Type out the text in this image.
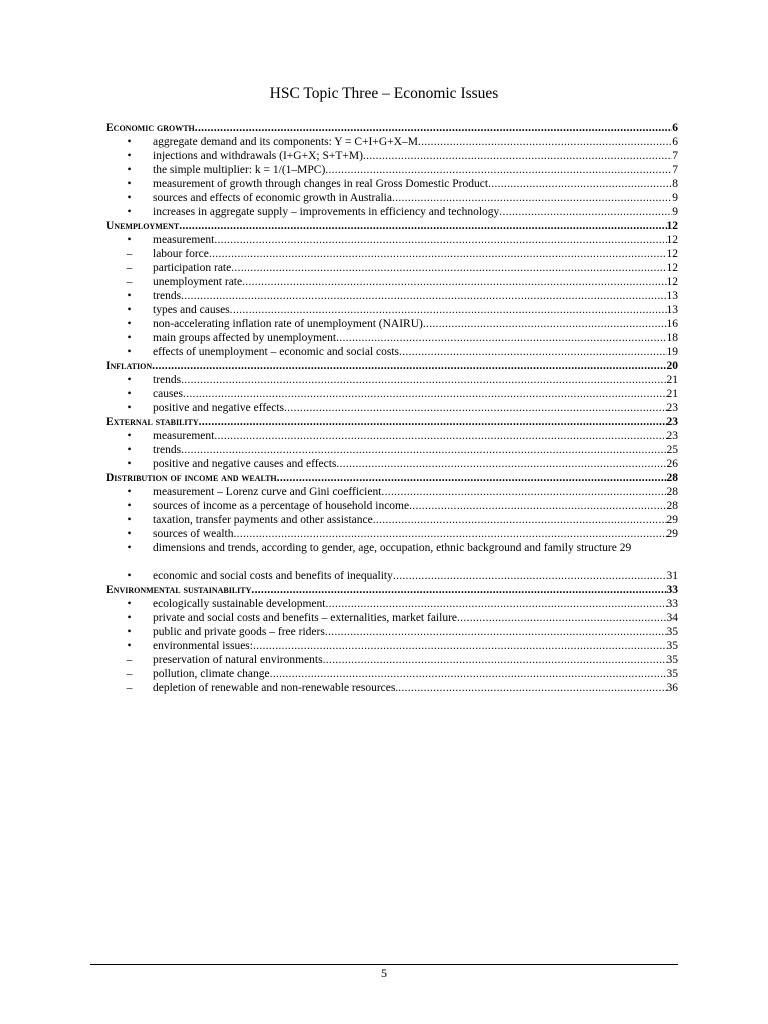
HSC Topic Three – Economic Issues
Economic growth .....	6
•	aggregate demand and its components: Y = C+I+G+X–M .....	6
•	injections and withdrawals (I+G+X; S+T+M) .....	7
•	the simple multiplier: k = 1/(1–MPC) .....	7
•	measurement of growth through changes in real Gross Domestic Product .....	8
•	sources and effects of economic growth in Australia .....	9
•	increases in aggregate supply – improvements in efficiency and technology .....	9
Unemployment .....	12
•	measurement .....	12
–	labour force .....	12
–	participation rate .....	12
–	unemployment rate .....	12
•	trends .....	13
•	types and causes .....	13
•	non-accelerating inflation rate of unemployment (NAIRU) .....	16
•	main groups affected by unemployment .....	18
•	effects of unemployment – economic and social costs .....	19
Inflation .....	20
•	trends .....	21
•	causes .....	21
•	positive and negative effects .....	23
External stability .....	23
•	measurement .....	23
•	trends .....	25
•	positive and negative causes and effects .....	26
Distribution of income and wealth .....	28
•	measurement – Lorenz curve and Gini coefficient .....	28
•	sources of income as a percentage of household income .....	28
•	taxation, transfer payments and other assistance .....	29
•	sources of wealth .....	29
•	dimensions and trends, according to gender, age, occupation, ethnic background and family structure 29
•	economic and social costs and benefits of inequality .....	31
Environmental sustainability .....	33
•	ecologically sustainable development .....	33
•	private and social costs and benefits – externalities, market failure .....	34
•	public and private goods – free riders .....	35
•	environmental issues: .....	35
–	preservation of natural environments .....	35
–	pollution, climate change .....	35
–	depletion of renewable and non-renewable resources. .....	36
5
